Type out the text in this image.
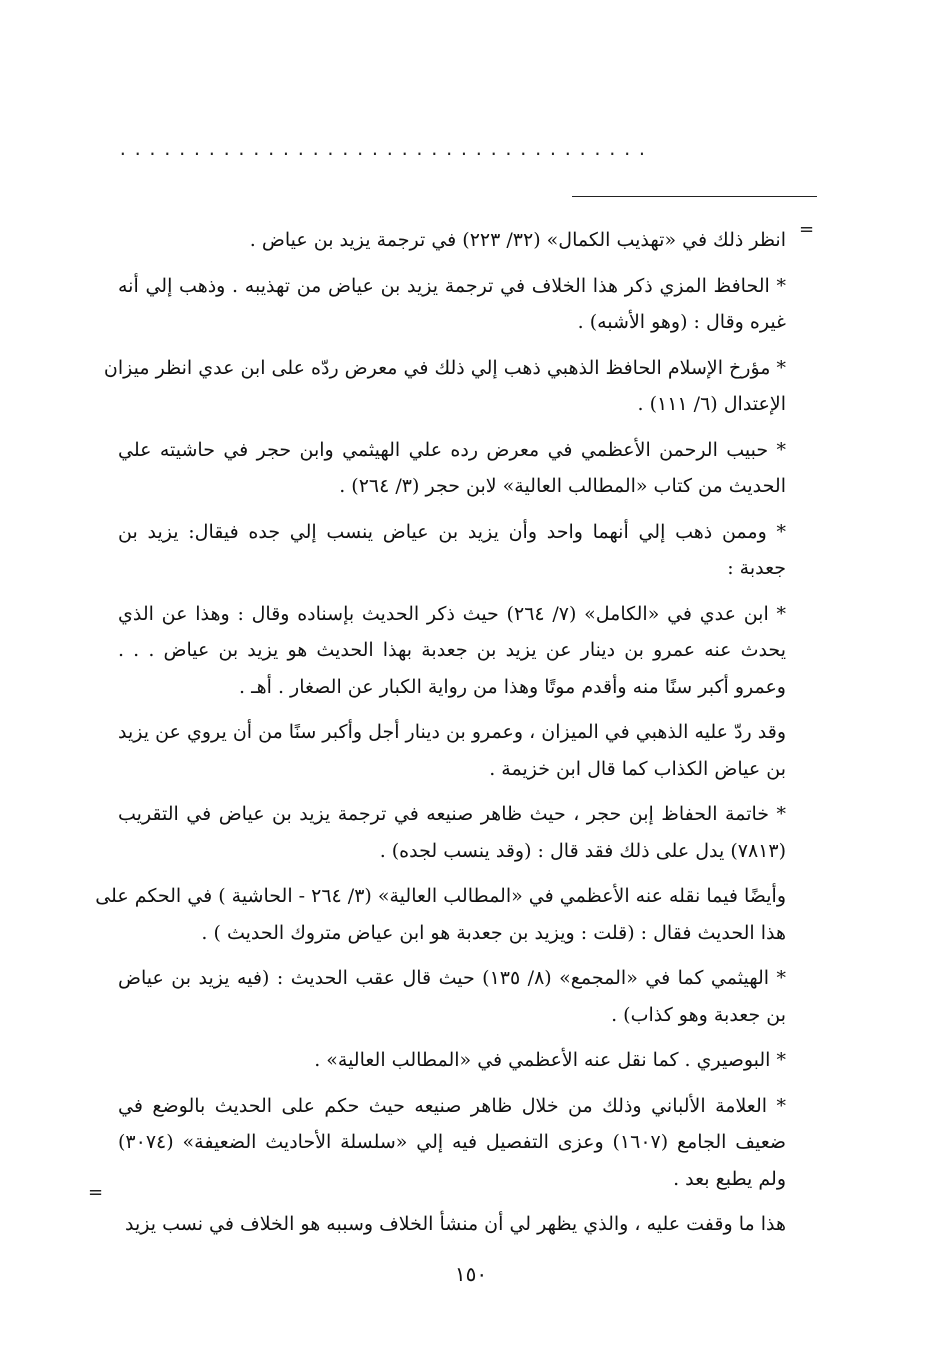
....................................
=
=
انظر ذلك في «تهذيب الكمال» (٣٢/ ٢٢٣) في ترجمة يزيد بن عياض .
* الحافظ المزي ذكر هذا الخلاف في ترجمة يزيد بن عياض من تهذيبه . وذهب إلي أنه
غيره وقال : (وهو الأشبه) .
* مؤرخ الإسلام الحافظ الذهبي ذهب إلي ذلك في معرض ردّه على ابن عدي انظر ميزان
الإعتدال (٦/ ١١١) .
* حبيب الرحمن الأعظمي في معرض رده علي الهيثمي وابن حجر في حاشيته علي
الحديث من كتاب «المطالب العالية» لابن حجر (٣/ ٢٦٤) .
* وممن ذهب إلي أنهما واحد وأن يزيد بن عياض ينسب إلي جده فيقال: يزيد بن
جعدبة :
* ابن عدي في «الكامل» (٧/ ٢٦٤) حيث ذكر الحديث بإسناده وقال : وهذا عن الذي
يحدث عنه عمرو بن دينار عن يزيد بن جعدبة بهذا الحديث هو يزيد بن عياض . . .
وعمرو أكبر سنًا منه وأقدم موتًا وهذا من رواية الكبار عن الصغار . أهـ .
وقد ردّ عليه الذهبي في الميزان ، وعمرو بن دينار أجل وأكبر سنًا من أن يروي عن يزيد
بن عياض الكذاب كما قال ابن خزيمة .
* خاتمة الحفاظ إبن حجر ، حيث ظاهر صنيعه في ترجمة يزيد بن عياض في التقريب
(٧٨١٣) يدل على ذلك فقد قال : (وقد ينسب لجده) .
وأيضًا فيما نقله عنه الأعظمي في «المطالب العالية» (٣/ ٢٦٤ - الحاشية ) في الحكم على
هذا الحديث فقال : (قلت : ويزيد بن جعدبة هو ابن عياض متروك الحديث ) .
* الهيثمي كما في «المجمع» (٨/ ١٣٥) حيث قال عقب الحديث : (فيه يزيد بن عياض
بن جعدبة وهو كذاب) .
* البوصيري . كما نقل عنه الأعظمي في «المطالب العالية» .
* العلامة الألباني وذلك من خلال ظاهر صنيعه حيث حكم على الحديث بالوضع في
ضعيف الجامع (١٦٠٧) وعزى التفصيل فيه إلي «سلسلة الأحاديث الضعيفة» (٣٠٧٤)
ولم يطبع بعد .
هذا ما وقفت عليه ، والذي يظهر لي أن منشأ الخلاف وسببه هو الخلاف في نسب يزيد
١٥٠
